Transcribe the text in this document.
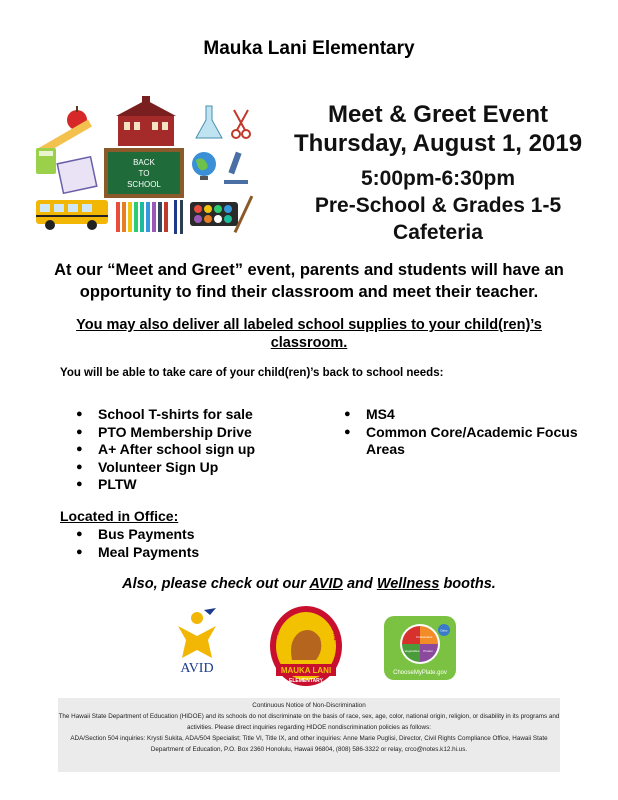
Mauka Lani Elementary
BACK
TO
SCHOOL
Meet & Greet Event
Thursday, August 1, 2019
5:00pm-6:30pm
Pre-School & Grades 1-5
Cafeteria
At our “Meet and Greet” event, parents and students will have an opportunity to find their classroom and meet their teacher.
You may also deliver all labeled school supplies to your child(ren)’s classroom.
You will be able to take care of your child(ren)’s back to school needs:
● School T-shirts for sale
● PTO Membership Drive
● A+ After school sign up
● Volunteer Sign Up
● PLTW
● MS4
● Common Core/Academic Focus Areas
Located in Office:
● Bus Payments
● Meal Payments
Also, please check out our AVID and Wellness booths.
AVID
Where Excellence Leads the Wa
MAUKA LANI
ELEMENTARY
Fruits Grains
Vegetables Protein
Dairy
ChooseMyPlate.gov
Continuous Notice of Non-Discrimination
The Hawaii State Department of Education (HIDOE) and its schools do not discriminate on the basis of race, sex, age, color, national origin, religion, or disability in its programs and activities. Please direct inquiries regarding HIDOE nondiscrimination policies as follows:
ADA/Section 504 inquiries: Krysti Sukita, ADA/504 Specialist; Title VI, Title IX, and other inquiries: Anne Marie Puglisi, Director, Civil Rights Compliance Office, Hawaii State Department of Education, P.O. Box 2360 Honolulu, Hawaii 96804, (808) 586-3322 or relay, crco@notes.k12.hi.us.
